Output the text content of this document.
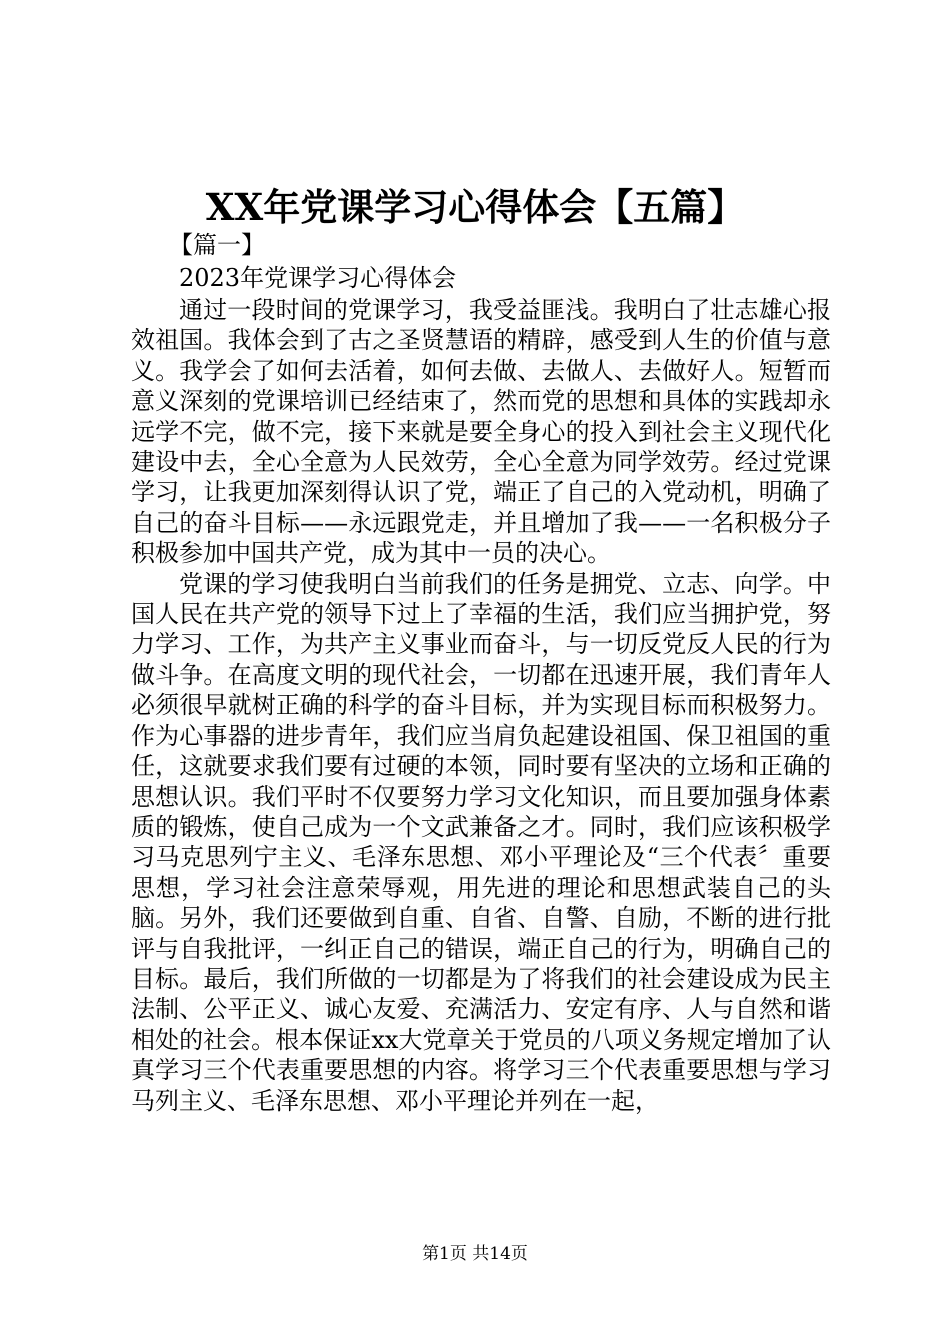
XX年党课学习心得体会【五篇】

【篇一】

2023年党课学习心得体会

通过一段时间的党课学习，我受益匪浅。我明白了壮志雄心报效祖国。我体会到了古之圣贤慧语的精辟，感受到人生的价值与意义。我学会了如何去活着，如何去做、去做人、去做好人。短暂而意义深刻的党课培训已经结束了，然而党的思想和具体的实践却永远学不完，做不完，接下来就是要全身心的投入到社会主义现代化建设中去，全心全意为人民效劳，全心全意为同学效劳。经过党课学习，让我更加深刻得认识了党，端正了自己的入党动机，明确了自己的奋斗目标——永远跟党走，并且增加了我——一名积极分子积极参加中国共产党，成为其中一员的决心。

党课的学习使我明白当前我们的任务是拥党、立志、向学。中国人民在共产党的领导下过上了幸福的生活，我们应当拥护党，努力学习、工作，为共产主义事业而奋斗，与一切反党反人民的行为做斗争。在高度文明的现代社会，一切都在迅速开展，我们青年人必须很早就树正确的科学的奋斗目标，并为实现目标而积极努力。作为心事器的进步青年，我们应当肩负起建设祖国、保卫祖国的重任，这就要求我们要有过硬的本领，同时要有坚决的立场和正确的思想认识。我们平时不仅要努力学习文化知识，而且要加强身体素质的锻炼，使自己成为一个文武兼备之才。同时，我们应该积极学习马克思列宁主义、毛泽东思想、邓小平理论及“三个代表〞重要思想，学习社会注意荣辱观，用先进的理论和思想武装自己的头脑。另外，我们还要做到自重、自省、自警、自励，不断的进行批评与自我批评，一纠正自己的错误，端正自己的行为，明确自己的目标。最后，我们所做的一切都是为了将我们的社会建设成为民主法制、公平正义、诚心友爱、充满活力、安定有序、人与自然和谐相处的社会。根本保证xx大党章关于党员的八项义务规定增加了认真学习三个代表重要思想的内容。将学习三个代表重要思想与学习马列主义、毛泽东思想、邓小平理论并列在一起，

第1页 共14页
